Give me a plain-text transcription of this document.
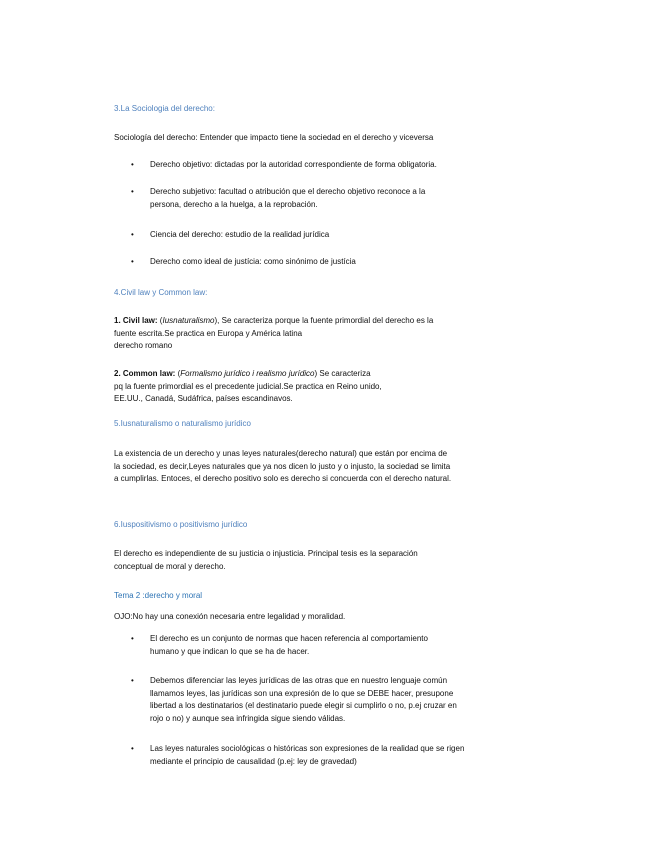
3.La Sociologia del derecho:
Sociología del derecho: Entender que impacto tiene la sociedad en el derecho y viceversa
• Derecho objetivo: dictadas por la autoridad correspondiente de forma obligatoria.
• Derecho subjetivo: facultad o atribución que el derecho objetivo reconoce a la
persona, derecho a la huelga, a la reprobación.
• Ciencia del derecho: estudio de la realidad jurídica
• Derecho como ideal de justícia: como sinónimo de justícia
4.Civil law y Common law:
1. Civil law: (Iusnaturalismo), Se caracteriza porque la fuente primordial del derecho es la
fuente escrita.Se practica en Europa y América latina
derecho romano
2. Common law: (Formalismo jurídico i realismo jurídico) Se caracteriza
pq la fuente primordial es el precedente judicial.Se practica en Reino unido,
EE.UU., Canadá, Sudáfrica, países escandinavos.
5.Iusnaturalismo o naturalismo jurídico
La existencia de un derecho y unas leyes naturales(derecho natural) que están por encima de
la sociedad, es decir,Leyes naturales que ya nos dicen lo justo y o injusto, la sociedad se limita
a cumplirlas. Entoces, el derecho positivo solo es derecho si concuerda con el derecho natural.
6.Iuspositivismo o positivismo jurídico
El derecho es independiente de su justicia o injusticia. Principal tesis es la separación
conceptual de moral y derecho.
Tema 2 :derecho y moral
OJO:No hay una conexión necesaria entre legalidad y moralidad.
• El derecho es un conjunto de normas que hacen referencia al comportamiento
humano y que indican lo que se ha de hacer.
• Debemos diferenciar las leyes jurídicas de las otras que en nuestro lenguaje común
llamamos leyes, las jurídicas son una expresión de lo que se DEBE hacer, presupone
libertad a los destinatarios (el destinatario puede elegir si cumplirlo o no, p.ej cruzar en
rojo o no) y aunque sea infringida sigue siendo válidas.
• Las leyes naturales sociológicas o históricas son expresiones de la realidad que se rigen
mediante el principio de causalidad (p.ej: ley de gravedad)
